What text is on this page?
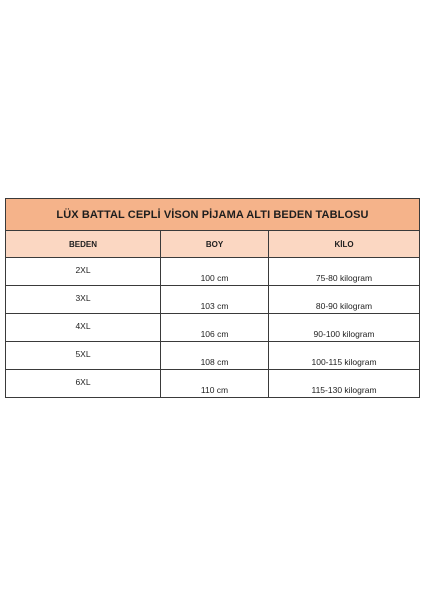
LÜX BATTAL CEPLİ VİSON PİJAMA ALTI BEDEN TABLOSU		
BEDEN	BOY	KİLO
2XL	100 cm	75-80 kilogram
3XL	103 cm	80-90 kilogram
4XL	106 cm	90-100 kilogram
5XL	108 cm	100-115 kilogram
6XL	110 cm	115-130 kilogram
